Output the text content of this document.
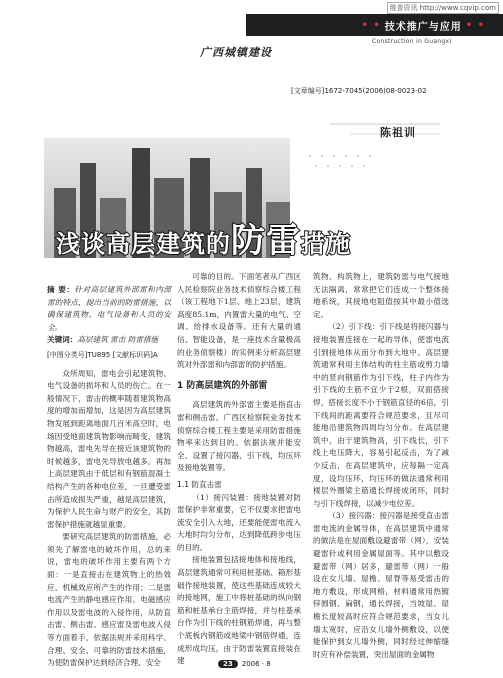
维普资讯 http://www.cqvip.com
• • 技术推广与应用 • •
Construction in Guangxi
广西城镇建设
[文章编号]1672-7045(2006)08-0023-02
陈祖训
浅谈高层建筑的防雷措施
摘 要：针对高层建筑外部雷和内部雷的特点，提出当前的防雷措施，以确保建筑物、电气设备和人员的安全。
关键词：高层建筑 雷击 防雷措施
[中图分类号]TU895 [文献标识码]A

众所周知，雷电会引起建筑物、电气设备的损坏和人员的伤亡。在一般情况下，雷击的概率随着建筑物高度的增加而增加，这是因为高层建筑物发展到距离地面几百米高空时，电场因受地面建筑物影响而畸变，建筑物越高，雷电先导在接近该建筑物的时候越多，雷电先导放电越多。再加上高层建筑由于低层和有钢筋混凝土结构产生的各种电位差，一旦遭受雷击所造成损失严重，越是高层建筑，为保护人民生命与财产的安全，其防雷保护措施就越显重要。

要研究高层建筑的防雷措施，必须先了解雷电的破坏作用，总的来说，雷电的破坏作用主要有两个方面：一是直接击在建筑物上的热效应、机械效应所产生的作用；二是雷电流产生的静电感应作用、电磁感应作用以及雷电波的入侵作用，从防直击雷、侧击雷、感应雷及雷电波入侵等方面着手，依据法规并采用科学、合理、安全、可靠的防雷技术措施，为使防雷保护达到经济合理、安全

可靠的目的。下面笔者从广西区人民检察院业务技术侦察综合楼工程（该工程地下1层、地上23层，建筑高度85.1m，内置雷大量的电气、空调、给排水设备等。还有大量的通信、智能设备，是一座技术含量极高的业务侦察楼）的实例来分析高层建筑对外部雷和内部雷的防护措施。

1 防高层建筑的外部雷

高层建筑的外部雷主要是指直击雷和侧击雷。广西区检察院业务技术侦察综合楼工程主要是采用防雷措施物率来达到目的。依据法规并能安全、设置了接闪器、引下线，均压环及接地装置等。

1.1 防直击雷

（1）接闪装置：接地装置对防雷保护非常重要，它不仅要求把雷电流安全引入大地，还要能使雷电流入大地时均匀分布，达到降低跨步电压的目的。

接地装置包括接地体和接地线，高层建筑通常可利用桩基础、箱形基础作接地装置，使这些基础连成较大的接地网，施工中将桩基础的纵向钢筋和桩基承台主筋焊接，并与柱基承台作为引下线的柱钢筋焊通，再与整个底板内钢筋或地梁中钢筋焊通，连成形成均压，由于防雷装置直接装在建

筑物、构筑物上，建筑防雷与电气接地无法隔离，常常把它们连成一个整体接地系统，其接地电阻值按其中最小值选定。

（2）引下线：引下线是将接闪器与接地装置连接在一起的导体，使雷电流引到接地体从而分布到大地中。高层建筑通常利用主体结构的柱主筋或剪力墙中的竖向钢筋作为引下线，柱子内作为引下线的主筋不宜少于2根，双面搭接焊，搭接长度不小于钢筋直径的6倍，引下线间的距离要符合规范要求，且尽可能地沿建筑物四周均匀分布。在高层建筑中，由于建筑物高，引下线长，引下线上电压降大，容易引起反击，为了减少反击，在高层建筑中，应每隔一定高度，设均压环，均压环的做法通常利用楼层外圈梁主筋通长焊接成闭环，同时与引下线焊接，以减少电位差。

（3）接闪器：接闪器是接受直击雷雷电流的金属导体，在高层建筑中通常的做法是在屋面敷设避雷带（网），安装避雷针或利用金属屋面等。其中以敷设避雷带（网）居多，避雷带（网）一般设在女儿墙、屋檐、屋脊等易受雷击的地方敷设，形成网格，材料通常用热镀锌圆钢、扁钢，通长焊接，当坡屋、屋檐长度较高时应符合规范要求，当女儿墙太宽时，应沿女儿墙外侧敷设，以便能保护到女儿墙外侧，同时经过伸缩缝时应有补偿装置，突出屋面的金属物

23	2006 · 8
